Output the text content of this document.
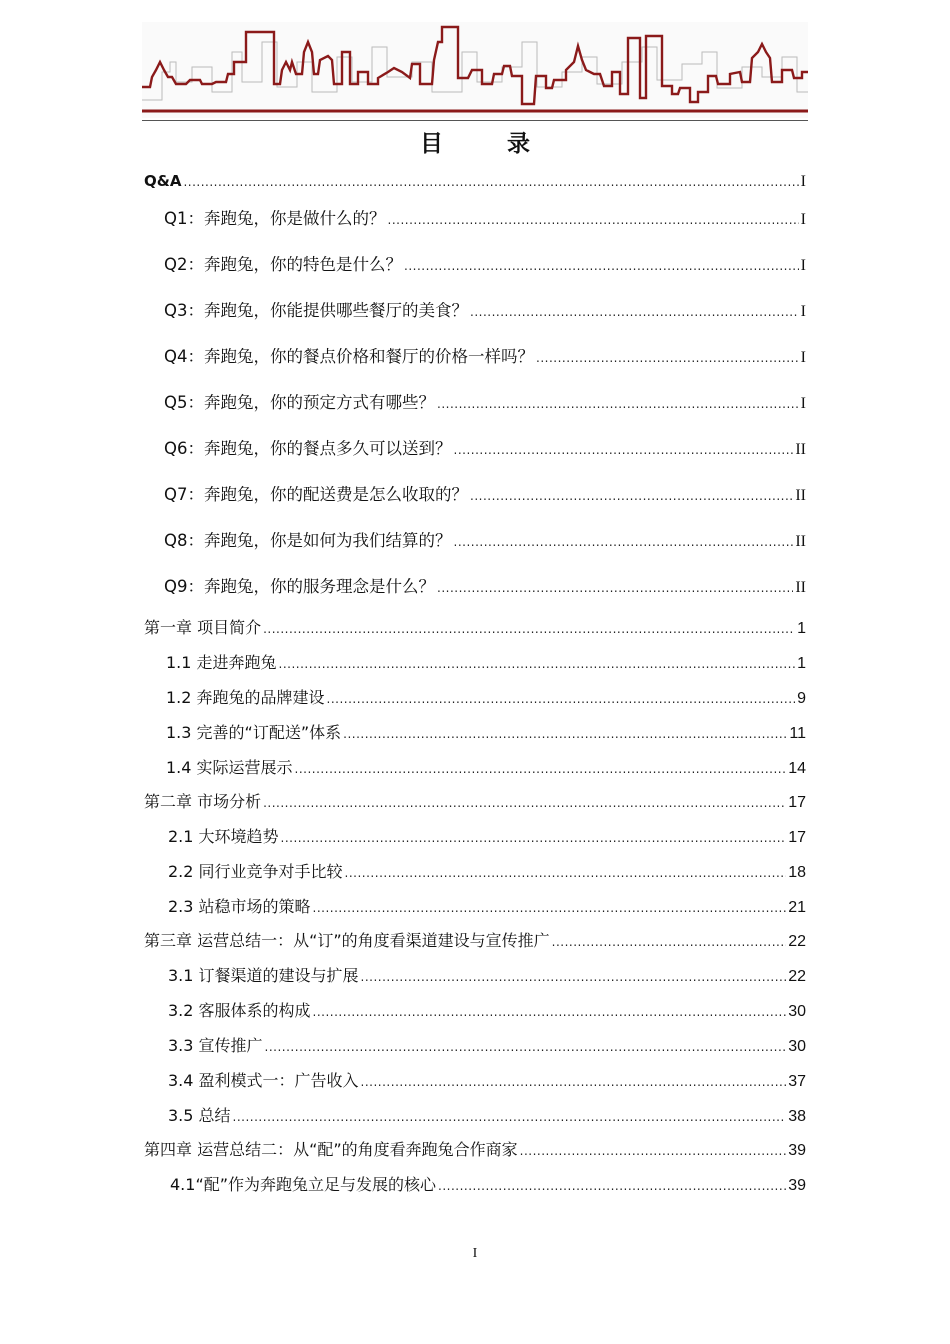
目 录
Q&A .....	I
Q1：奔跑兔，你是做什么的？ .....	I
Q2：奔跑兔，你的特色是什么？ .....	I
Q3：奔跑兔，你能提供哪些餐厅的美食？ .....	I
Q4：奔跑兔，你的餐点价格和餐厅的价格一样吗？ .....	I
Q5：奔跑兔，你的预定方式有哪些？ .....	I
Q6：奔跑兔，你的餐点多久可以送到？ .....	II
Q7：奔跑兔，你的配送费是怎么收取的？ .....	II
Q8：奔跑兔，你是如何为我们结算的？ .....	II
Q9：奔跑兔，你的服务理念是什么？ .....	II
第一章 项目简介 .....	1
1.1 走进奔跑兔 .....	1
1.2 奔跑兔的品牌建设 .....	9
1.3 完善的“订配送”体系 .....	11
1.4 实际运营展示 .....	14
第二章 市场分析 .....	17
2.1 大环境趋势 .....	17
2.2 同行业竞争对手比较 .....	18
2.3 站稳市场的策略 .....	21
第三章 运营总结一：从“订”的角度看渠道建设与宣传推广 .....	22
3.1 订餐渠道的建设与扩展 .....	22
3.2 客服体系的构成 .....	30
3.3 宣传推广 .....	30
3.4 盈利模式一：广告收入 .....	37
3.5 总结 .....	38
第四章 运营总结二：从“配”的角度看奔跑兔合作商家 .....	39
4.1“配”作为奔跑兔立足与发展的核心 .....	39
I
